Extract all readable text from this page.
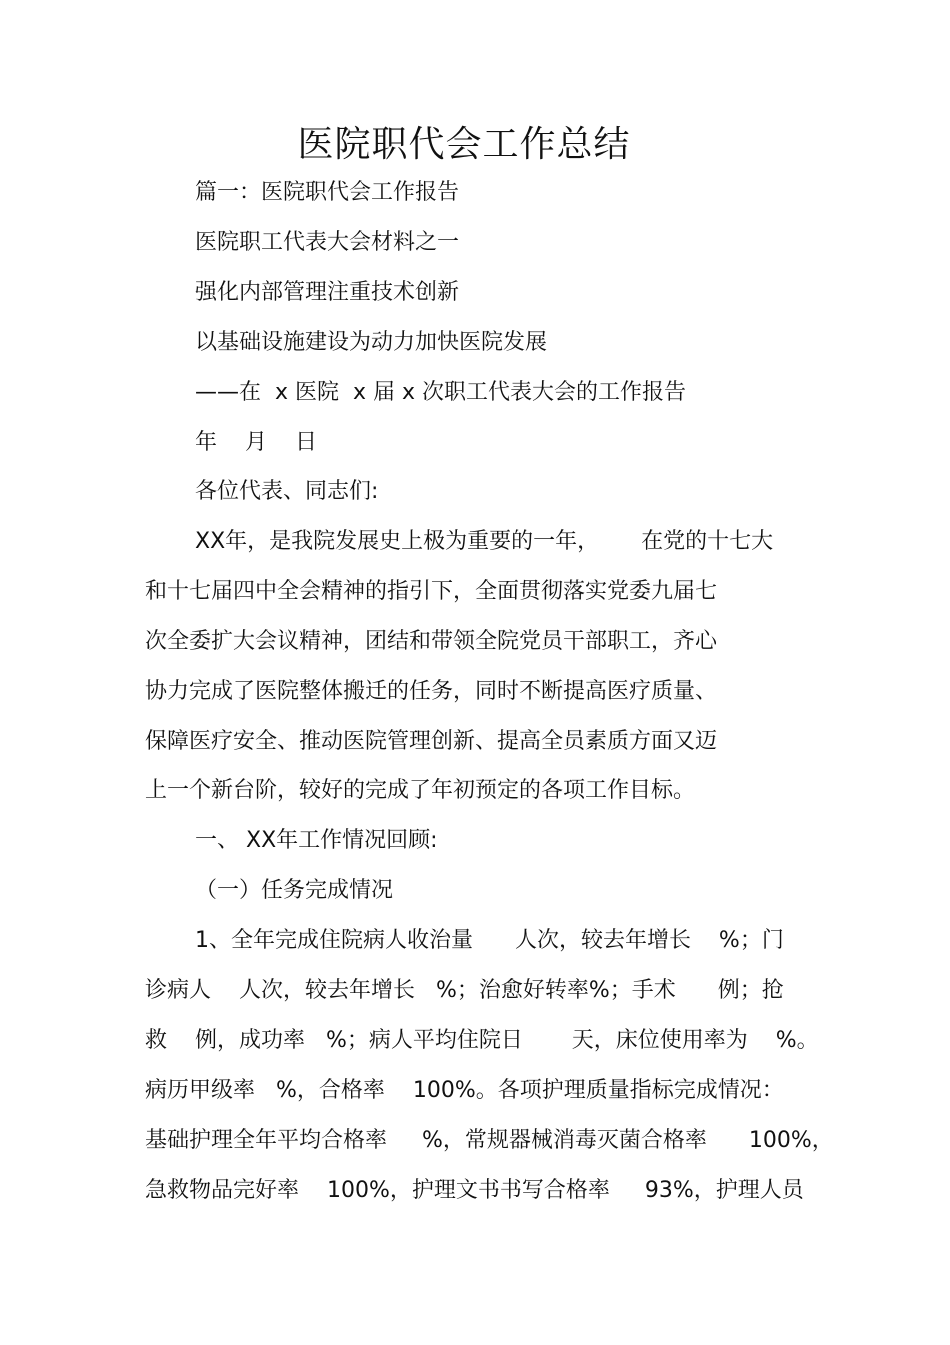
医院职代会工作总结
篇一：医院职代会工作报告
医院职工代表大会材料之一
强化内部管理注重技术创新
以基础设施建设为动力加快医院发展
——在  x 医院  x 届 x 次职工代表大会的工作报告
年    月    日
各位代表、同志们:
XX年，是我院发展史上极为重要的一年，      在党的十七大
和十七届四中全会精神的指引下，全面贯彻落实党委九届七
次全委扩大会议精神，团结和带领全院党员干部职工，齐心
协力完成了医院整体搬迁的任务，同时不断提高医疗质量、
保障医疗安全、推动医院管理创新、提高全员素质方面又迈
上一个新台阶，较好的完成了年初预定的各项工作目标。
一、 XX年工作情况回顾:
（一）任务完成情况
1、全年完成住院病人收治量      人次，较去年增长    %；门
诊病人    人次，较去年增长   %；治愈好转率%；手术      例；抢
救    例，成功率   %；病人平均住院日       天，床位使用率为    %。
病历甲级率   %，合格率    100%。各项护理质量指标完成情况：
基础护理全年平均合格率     %，常规器械消毒灭菌合格率      100%，
急救物品完好率    100%，护理文书书写合格率     93%，护理人员
